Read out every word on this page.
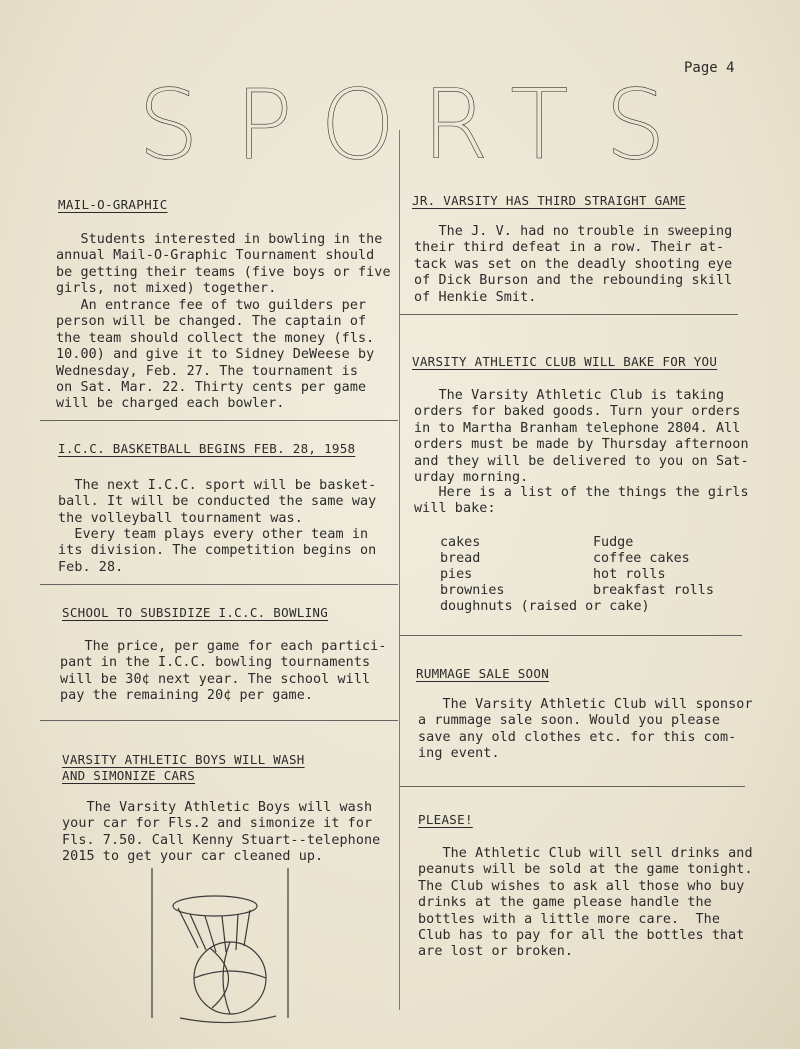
Page 4
S P O R T S
MAIL-O-GRAPHIC
Students interested in bowling in the
annual Mail-O-Graphic Tournament should
be getting their teams (five boys or five
girls, not mixed) together.
An entrance fee of two guilders per
person will be changed. The captain of
the team should collect the money (fls.
10.00) and give it to Sidney DeWeese by
Wednesday, Feb. 27. The tournament is
on Sat. Mar. 22. Thirty cents per game
will be charged each bowler.
I.C.C. BASKETBALL BEGINS FEB. 28, 1958
The next I.C.C. sport will be basket-
ball. It will be conducted the same way
the volleyball tournament was.
Every team plays every other team in
its division. The competition begins on
Feb. 28.
SCHOOL TO SUBSIDIZE I.C.C. BOWLING
The price, per game for each partici-
pant in the I.C.C. bowling tournaments
will be 30¢ next year. The school will
pay the remaining 20¢ per game.
VARSITY ATHLETIC BOYS WILL WASH
AND SIMONIZE CARS
The Varsity Athletic Boys will wash
your car for Fls.2 and simonize it for
Fls. 7.50. Call Kenny Stuart--telephone
2015 to get your car cleaned up.
JR. VARSITY HAS THIRD STRAIGHT GAME
The J. V. had no trouble in sweeping
their third defeat in a row. Their at-
tack was set on the deadly shooting eye
of Dick Burson and the rebounding skill
of Henkie Smit.
VARSITY ATHLETIC CLUB WILL BAKE FOR YOU
The Varsity Athletic Club is taking
orders for baked goods. Turn your orders
in to Martha Branham telephone 2804. All
orders must be made by Thursday afternoon
and they will be delivered to you on Sat-
urday morning.
Here is a list of the things the girls
will bake:
cakes
bread
pies
brownies
Fudge
coffee cakes
hot rolls
breakfast rolls
doughnuts (raised or cake)
RUMMAGE SALE SOON
The Varsity Athletic Club will sponsor
a rummage sale soon. Would you please
save any old clothes etc. for this com-
ing event.
PLEASE!
The Athletic Club will sell drinks and
peanuts will be sold at the game tonight.
The Club wishes to ask all those who buy
drinks at the game please handle the
bottles with a little more care.  The
Club has to pay for all the bottles that
are lost or broken.
